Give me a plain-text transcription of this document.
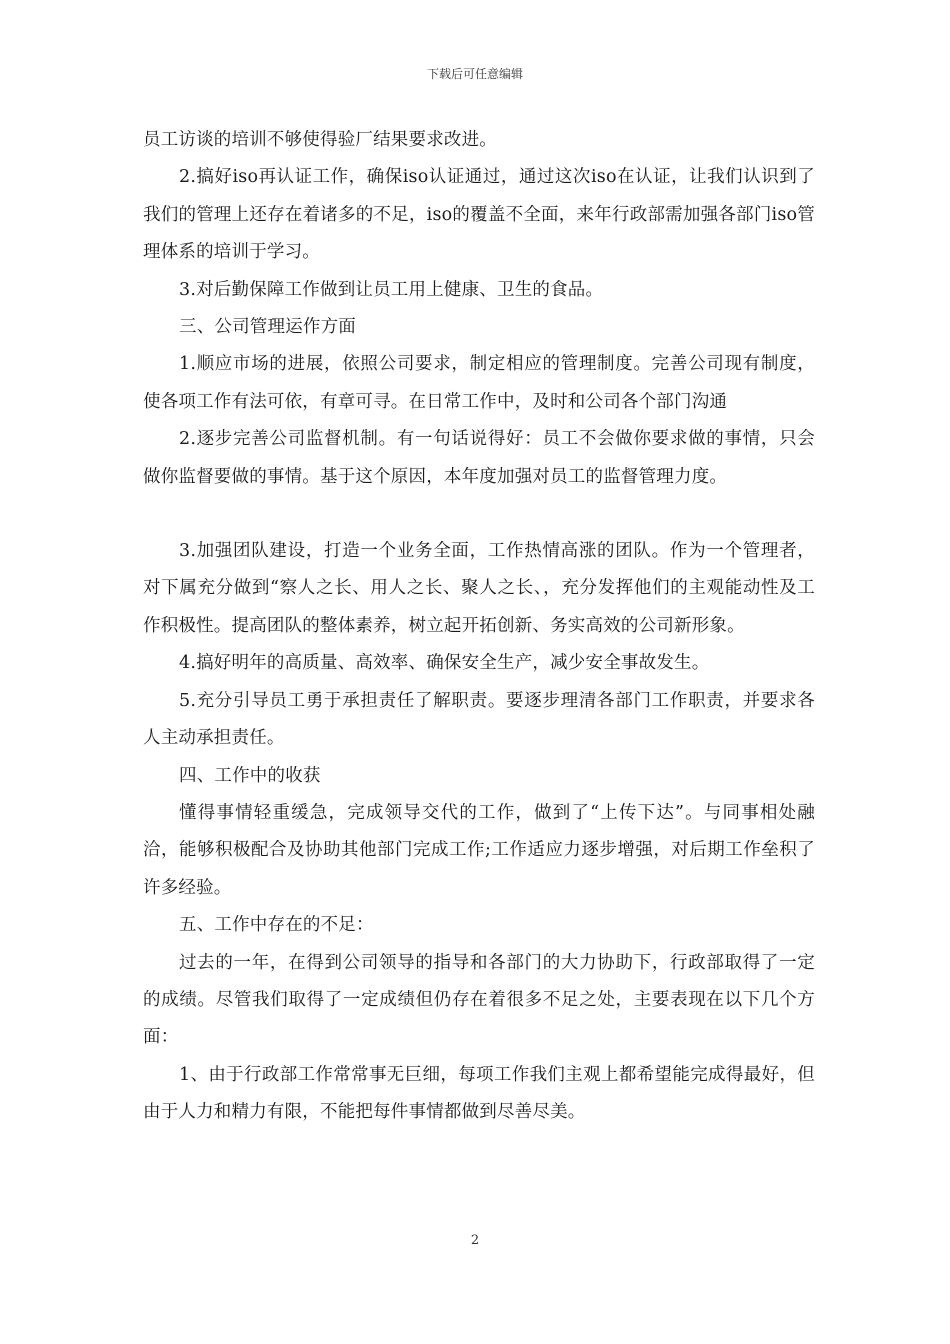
下载后可任意编辑

员工访谈的培训不够使得验厂结果要求改进。

2.搞好iso再认证工作，确保iso认证通过，通过这次iso在认证，让我们认识到了我们的管理上还存在着诸多的不足，iso的覆盖不全面，来年行政部需加强各部门iso管理体系的培训于学习。

3.对后勤保障工作做到让员工用上健康、卫生的食品。

三、公司管理运作方面

1.顺应市场的进展，依照公司要求，制定相应的管理制度。完善公司现有制度，使各项工作有法可依，有章可寻。在日常工作中，及时和公司各个部门沟通

2.逐步完善公司监督机制。有一句话说得好：员工不会做你要求做的事情，只会做你监督要做的事情。基于这个原因，本年度加强对员工的监督管理力度。

3.加强团队建设，打造一个业务全面，工作热情高涨的团队。作为一个管理者，对下属充分做到“察人之长、用人之长、聚人之长、，充分发挥他们的主观能动性及工作积极性。提高团队的整体素养，树立起开拓创新、务实高效的公司新形象。

4.搞好明年的高质量、高效率、确保安全生产，减少安全事故发生。

5.充分引导员工勇于承担责任了解职责。要逐步理清各部门工作职责，并要求各人主动承担责任。

四、工作中的收获

懂得事情轻重缓急，完成领导交代的工作，做到了“上传下达”。与同事相处融洽，能够积极配合及协助其他部门完成工作;工作适应力逐步增强，对后期工作垒积了许多经验。

五、工作中存在的不足：

过去的一年，在得到公司领导的指导和各部门的大力协助下，行政部取得了一定的成绩。尽管我们取得了一定成绩但仍存在着很多不足之处，主要表现在以下几个方面：

1、由于行政部工作常常事无巨细，每项工作我们主观上都希望能完成得最好，但由于人力和精力有限，不能把每件事情都做到尽善尽美。

2
